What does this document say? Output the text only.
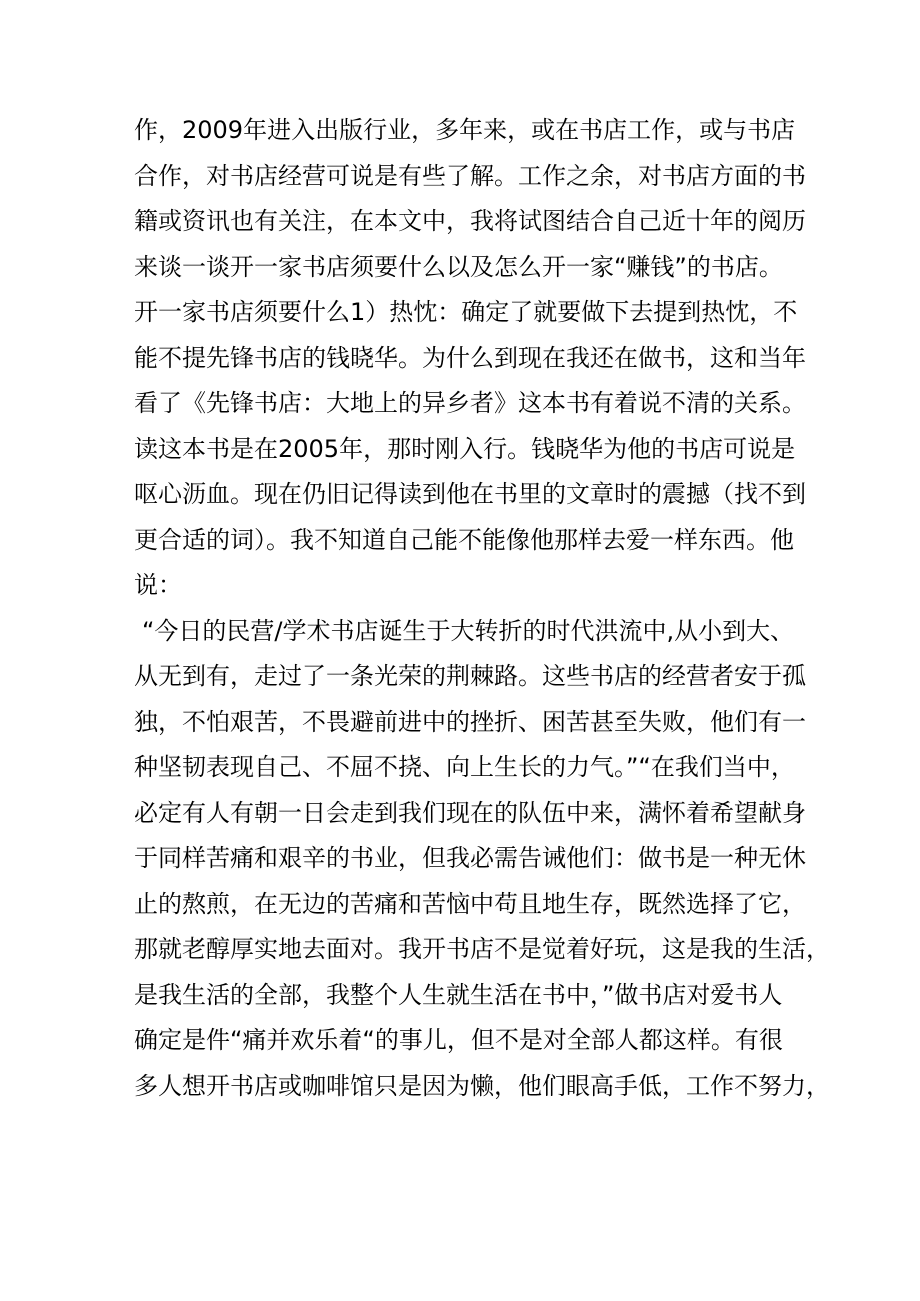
作，2009年进入出版行业，多年来，或在书店工作，或与书店
合作，对书店经营可说是有些了解。工作之余，对书店方面的书
籍或资讯也有关注，在本文中，我将试图结合自己近十年的阅历
来谈一谈开一家书店须要什么以及怎么开一家“赚钱”的书店。
开一家书店须要什么1）热忱：确定了就要做下去提到热忱，不
能不提先锋书店的钱晓华。为什么到现在我还在做书，这和当年
看了《先锋书店：大地上的异乡者》这本书有着说不清的关系。
读这本书是在2005年，那时刚入行。钱晓华为他的书店可说是
呕心沥血。现在仍旧记得读到他在书里的文章时的震撼（找不到
更合适的词）。我不知道自己能不能像他那样去爱一样东西。他
说：
“今日的民营/学术书店诞生于大转折的时代洪流中,从小到大、
从无到有，走过了一条光荣的荆棘路。这些书店的经营者安于孤
独，不怕艰苦，不畏避前进中的挫折、困苦甚至失败，他们有一
种坚韧表现自己、不屈不挠、向上生长的力气。”“在我们当中，
必定有人有朝一日会走到我们现在的队伍中来，满怀着希望献身
于同样苦痛和艰辛的书业，但我必需告诫他们：做书是一种无休
止的熬煎，在无边的苦痛和苦恼中苟且地生存，既然选择了它，
那就老醇厚实地去面对。我开书店不是觉着好玩，这是我的生活，
是我生活的全部，我整个人生就生活在书中，”做书店对爱书人
确定是件“痛并欢乐着“的事儿，但不是对全部人都这样。有很
多人想开书店或咖啡馆只是因为懒，他们眼高手低，工作不努力，
